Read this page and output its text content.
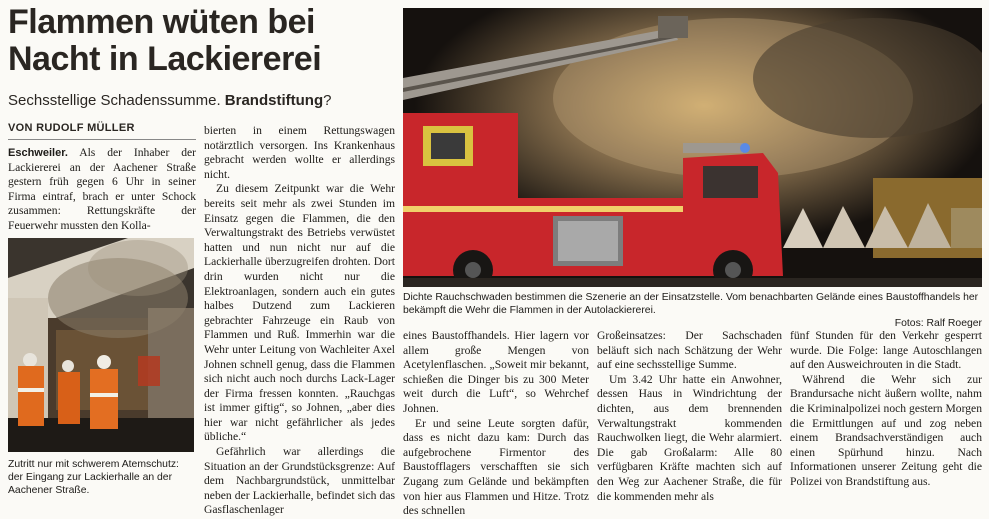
Flammen wüten bei
Nacht in Lackiererei
Sechsstellige Schadenssumme. Brandstiftung?
VON RUDOLF MÜLLER

Eschweiler. Als der Inhaber der Lackiererei an der Aachener Straße gestern früh gegen 6 Uhr in seiner Firma eintraf, brach er unter Schock zusammen: Rettungskräfte der Feuerwehr mussten den Kolla-

Zutritt nur mit schwerem Atemschutz: der Eingang zur Lackierhalle an der Aachener Straße.

bierten in einem Rettungswagen notärztlich versorgen. Ins Krankenhaus gebracht werden wollte er allerdings nicht.

Zu diesem Zeitpunkt war die Wehr bereits seit mehr als zwei Stunden im Einsatz gegen die Flammen, die den Verwaltungstrakt des Betriebs verwüstet hatten und nun nicht nur auf die Lackierhalle überzugreifen drohten. Dort drin wurden nicht nur die Elektroanlagen, sondern auch ein gutes halbes Dutzend zum Lackieren gebrachter Fahrzeuge ein Raub von Flammen und Ruß. Immerhin war die Wehr unter Leitung von Wachleiter Axel Johnen schnell genug, dass die Flammen sich nicht auch noch durchs Lack-Lager der Firma fressen konnten. „Rauchgas ist immer giftig“, so Johnen, „aber dies hier war nicht gefährlicher als jedes übliche.“

Gefährlich war allerdings die Situation an der Grundstücksgrenze: Auf dem Nachbargrundstück, unmittelbar neben der Lackierhalle, befindet sich das Gasflaschenlager

Dichte Rauchschwaden bestimmen die Szenerie an der Einsatzstelle. Vom benachbarten Gelände eines Baustoffhandels her bekämpft die Wehr die Flammen in der Autolackiererei.
Fotos: Ralf Roeger

eines Baustoffhandels. Hier lagern vor allem große Mengen von Acetylenflaschen. „Soweit mir bekannt, schießen die Dinger bis zu 300 Meter weit durch die Luft“, so Wehrchef Johnen.

Er und seine Leute sorgten dafür, dass es nicht dazu kam: Durch das aufgebrochene Firmentor des Baustofflagers verschafften sie sich Zugang zum Gelände und bekämpften von hier aus Flammen und Hitze. Trotz des schnellen

Großeinsatzes: Der Sachschaden beläuft sich nach Schätzung der Wehr auf eine sechsstellige Summe.

Um 3.42 Uhr hatte ein Anwohner, dessen Haus in Windrichtung der dichten, aus dem brennenden Verwaltungstrakt kommenden Rauchwolken liegt, die Wehr alarmiert. Die gab Großalarm: Alle 80 verfügbaren Kräfte machten sich auf den Weg zur Aachener Straße, die für die kommenden mehr als

fünf Stunden für den Verkehr gesperrt wurde. Die Folge: lange Autoschlangen auf den Ausweichrouten in die Stadt.

Während die Wehr sich zur Brandursache nicht äußern wollte, nahm die Kriminalpolizei noch gestern Morgen die Ermittlungen auf und zog neben einem Brandsachverständigen auch einen Spürhund hinzu. Nach Informationen unserer Zeitung geht die Polizei von Brandstiftung aus.
